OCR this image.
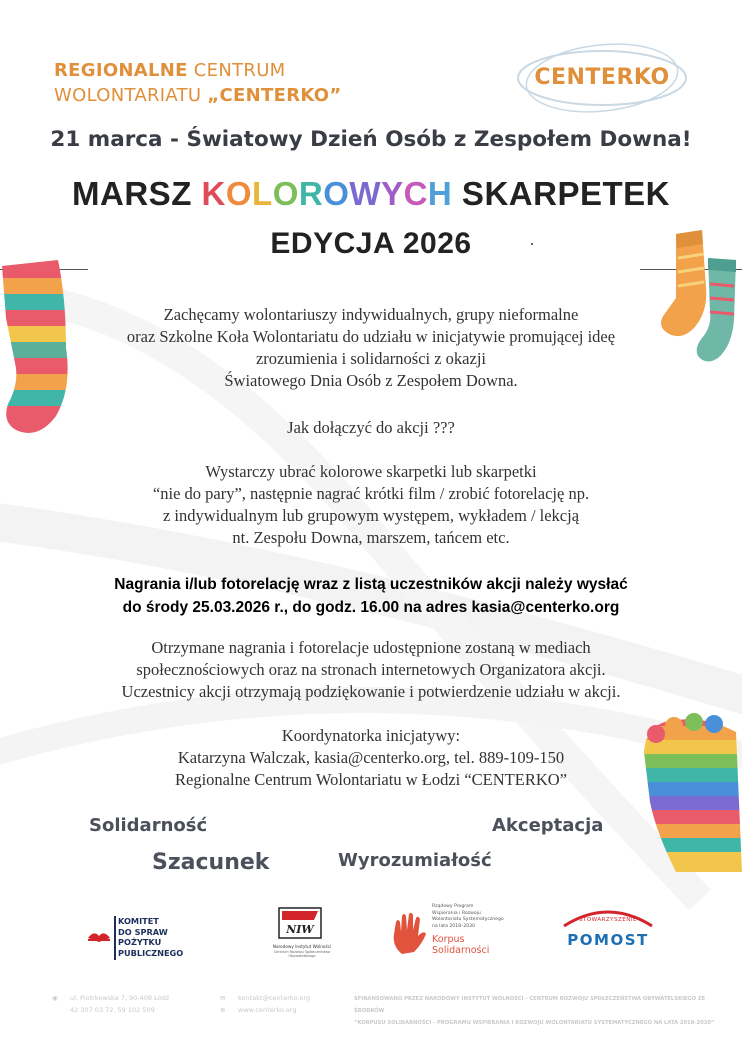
REGIONALNE CENTRUM
WOLONTARIATU „CENTERKO”
CENTERKO
21 marca - Światowy Dzień Osób z Zespołem Downa!
MARSZ KOLOROWYCH SKARPETEK
EDYCJA 2026

Zachęcamy wolontariuszy indywidualnych, grupy nieformalne

oraz Szkolne Koła Wolontariatu do udziału w inicjatywie promującej ideę

zrozumienia i solidarności z okazji

Światowego Dnia Osób z Zespołem Downa.

Jak dołączyć do akcji ???

Wystarczy ubrać kolorowe skarpetki lub skarpetki

“nie do pary”, następnie nagrać krótki film / zrobić fotorelację np.

z indywidualnym lub grupowym występem, wykładem / lekcją

nt. Zespołu Downa, marszem, tańcem etc.

Nagrania i/lub fotorelację wraz z listą uczestników akcji należy wysłać

do środy 25.03.2026 r., do godz. 16.00 na adres kasia@centerko.org

Otrzymane nagrania i fotorelacje udostępnione zostaną w mediach

społecznościowych oraz na stronach internetowych Organizatora akcji.

Uczestnicy akcji otrzymają podziękowanie i potwierdzenie udziału w akcji.

Koordynatorka inicjatywy:

Katarzyna Walczak, kasia@centerko.org, tel. 889-109-150

Regionalne Centrum Wolontariatu w Łodzi “CENTERKO”

Solidarność	Akceptacja
Szacunek	Wyrozumiałość
KOMITET
DO SPRAW
POŻYTKU
PUBLICZNEGO
NIW
Narodowy Instytut Wolności
Centrum Rozwoju Społeczeństwa Obywatelskiego
Rządowy Program
Wspierania i Rozwoju
Wolontariatu Systematycznego
na lata 2018–2030
Korpus
Solidarności
STOWARZYSZENIE
POMOST
◉	ul. Piotrkowska 7, 90-408 Łódź
42 307 03 72, 59 102 509
✉ kontakt@centerko.org
⊕ www.centerko.org
SFINANSOWANO PRZEZ NARODOWY INSTYTUT WOLNOŚCI - CENTRUM ROZWOJU SPOŁECZEŃSTWA OBYWATELSKIEGO ZE ŚRODKÓW
“KORPUSU SOLIDARNOŚCI - PROGRAMU WSPIERANIA I ROZWOJU WOLONTARIATU SYSTEMATYCZNEGO NA LATA 2018-2030”
